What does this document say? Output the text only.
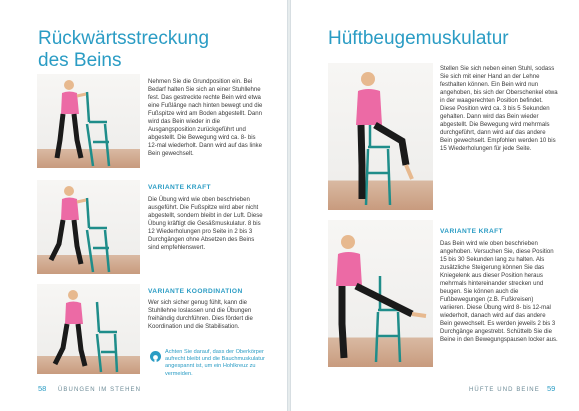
Rückwärtsstreckung
des Beins

Nehmen Sie die Grundposition ein. Bei Bedarf halten Sie sich an einer Stuhllehne fest. Das gestreckte rechte Bein wird etwa eine Fußlänge nach hinten bewegt und die Fußspitze wird am Boden abgestellt. Dann wird das Bein wieder in die Ausgangsposition zurückgeführt und abgestellt. Die Bewegung wird ca. 8- bis 12-mal wiederholt. Dann wird auf das linke Bein gewechselt.

VARIANTE KRAFT

Die Übung wird wie oben beschrieben ausgeführt. Die Fußspitze wird aber nicht abgestellt, sondern bleibt in der Luft. Diese Übung kräftigt die Gesäßmuskulatur. 8 bis 12 Wiederholungen pro Seite in 2 bis 3 Durchgängen ohne Absetzen des Beins sind empfehlenswert.

VARIANTE KOORDINATION

Wer sich sicher genug fühlt, kann die Stuhllehne loslassen und die Übungen freihändig durchführen. Dies fördert die Koordination und die Stabilisation.

Achten Sie darauf, dass der Oberkörper aufrecht bleibt und die Bauchmuskulatur angespannt ist, um ein Hohlkreuz zu vermeiden.

58 ÜBUNGEN IM STEHEN
Hüftbeugemuskulatur

Stellen Sie sich neben einen Stuhl, sodass Sie sich mit einer Hand an der Lehne festhalten können. Ein Bein wird nun angehoben, bis sich der Oberschenkel etwa in der waagerechten Position befindet. Diese Position wird ca. 3 bis 5 Sekunden gehalten. Dann wird das Bein wieder abgestellt. Die Bewegung wird mehrmals durchgeführt, dann wird auf das andere Bein gewechselt. Empfohlen werden 10 bis 15 Wiederholungen für jede Seite.

VARIANTE KRAFT

Das Bein wird wie oben beschrieben angehoben. Versuchen Sie, diese Position 15 bis 30 Sekunden lang zu halten. Als zusätzliche Steigerung können Sie das Kniegelenk aus dieser Position heraus mehrmals hintereinander strecken und beugen. Sie können auch die Fußbewegungen (z.B. Fußkreisen) variieren. Diese Übung wird 8- bis 12-mal wiederholt, danach wird auf das andere Bein gewechselt. Es werden jeweils 2 bis 3 Durchgänge angestrebt. Schüttelb Sie die Beine in den Bewegungspausen locker aus.

HÜFTE UND BEINE 59
